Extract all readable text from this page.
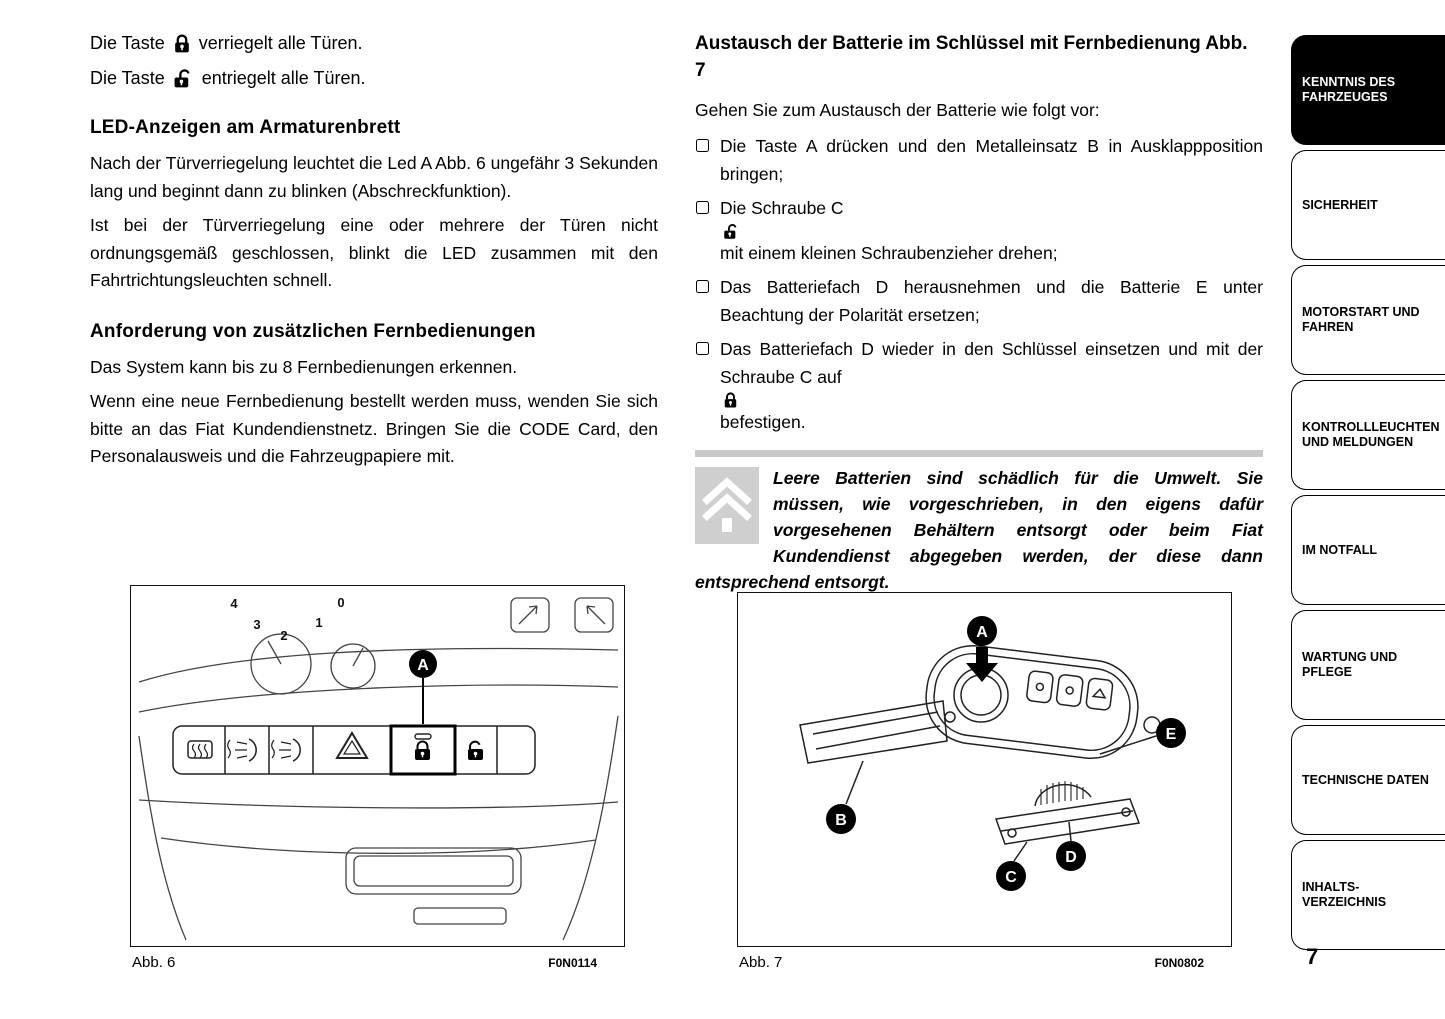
Die Taste verriegelt alle Türen.

Die Taste entriegelt alle Türen.

LED-Anzeigen am Armaturenbrett

Nach der Türverriegelung leuchtet die Led A Abb. 6 ungefähr 3 Sekunden lang und beginnt dann zu blinken (Abschreckfunktion).

Ist bei der Türverriegelung eine oder mehrere der Türen nicht ordnungsgemäß geschlossen, blinkt die LED zusammen mit den Fahrtrichtungsleuchten schnell.

Anforderung von zusätzlichen Fernbedienungen

Das System kann bis zu 8 Fernbedienungen erkennen.

Wenn eine neue Fernbedienung bestellt werden muss, wenden Sie sich bitte an das Fiat Kundendienstnetz. Bringen Sie die CODE Card, den Personalausweis und die Fahrzeugpapiere mit.

Austausch der Batterie im Schlüssel mit Fernbedienung Abb. 7

Gehen Sie zum Austausch der Batterie wie folgt vor:

Die Taste A drücken und den Metalleinsatz B in Ausklappposition bringen;

Die Schraube C
mit einem kleinen Schraubenzieher drehen;

Das Batteriefach D herausnehmen und die Batterie E unter Beachtung der Polarität ersetzen;

Das Batteriefach D wieder in den Schlüssel einsetzen und mit der Schraube C auf
befestigen.

Leere Batterien sind schädlich für die Umwelt. Sie müssen, wie vorgeschrieben, in den eigens dafür vorgesehenen Behältern entsorgt oder beim Fiat Kundendienst abgegeben werden, der diese dann entsprechend entsorgt.

4
3
2
1
0
A
Abb. 6	F0N0114
A
B
C
D
E
Abb. 7	F0N0802
KENNTNIS DES FAHRZEUGES
SICHERHEIT
MOTORSTART UND FAHREN
KONTROLLLEUCHTEN UND MELDUNGEN
IM NOTFALL
WARTUNG UND PFLEGE
TECHNISCHE DATEN
INHALTS-VERZEICHNIS
7
